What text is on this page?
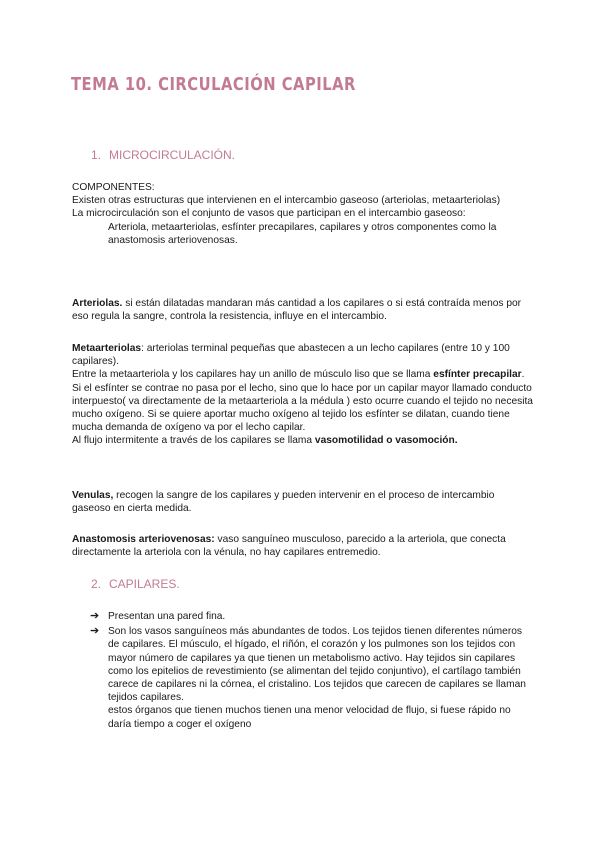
TEMA 10. CIRCULACIÓN CAPILAR
1. MICROCIRCULACIÓN.

COMPONENTES:

Existen otras estructuras que intervienen en el intercambio gaseoso (arteriolas, metaarteriolas)

La microcirculación son el conjunto de vasos que participan en el intercambio gaseoso:

Arteriola, metaarteriolas, esfínter precapilares, capilares y otros componentes como la anastomosis arteriovenosas.

Arteriolas. si están dilatadas mandaran más cantidad a los capilares o si está contraída menos por eso regula la sangre, controla la resistencia, influye en el intercambio.

Metaarteriolas: arteriolas terminal pequeñas que abastecen a un lecho capilares (entre 10 y 100 capilares).

Entre la metaarteriola y los capilares hay un anillo de músculo liso que se llama esfínter precapilar. Si el esfínter se contrae no pasa por el lecho, sino que lo hace por un capilar mayor llamado conducto interpuesto( va directamente de la metaarteriola a la médula ) esto ocurre cuando el tejido no necesita mucho oxígeno. Si se quiere aportar mucho oxígeno al tejido los esfínter se dilatan, cuando tiene mucha demanda de oxígeno va por el lecho capilar.

Al flujo intermitente a través de los capilares se llama vasomotilidad o vasomoción.

Venulas, recogen la sangre de los capilares y pueden intervenir en el proceso de intercambio gaseoso en cierta medida.

Anastomosis arteriovenosas: vaso sanguíneo musculoso, parecido a la arteriola, que conecta directamente la arteriola con la vénula, no hay capilares entremedio.

2. CAPILARES.
➔ Presentan una pared fina.
➔ Son los vasos sanguíneos más abundantes de todos. Los tejidos tienen diferentes números de capilares. El músculo, el hígado, el riñón, el corazón y los pulmones son los tejidos con mayor número de capilares ya que tienen un metabolismo activo. Hay tejidos sin capilares como los epitelios de revestimiento (se alimentan del tejido conjuntivo), el cartílago también carece de capilares ni la córnea, el cristalino. Los tejidos que carecen de capilares se llaman tejidos capilares.
estos órganos que tienen muchos tienen una menor velocidad de flujo, si fuese rápido no daría tiempo a coger el oxígeno
